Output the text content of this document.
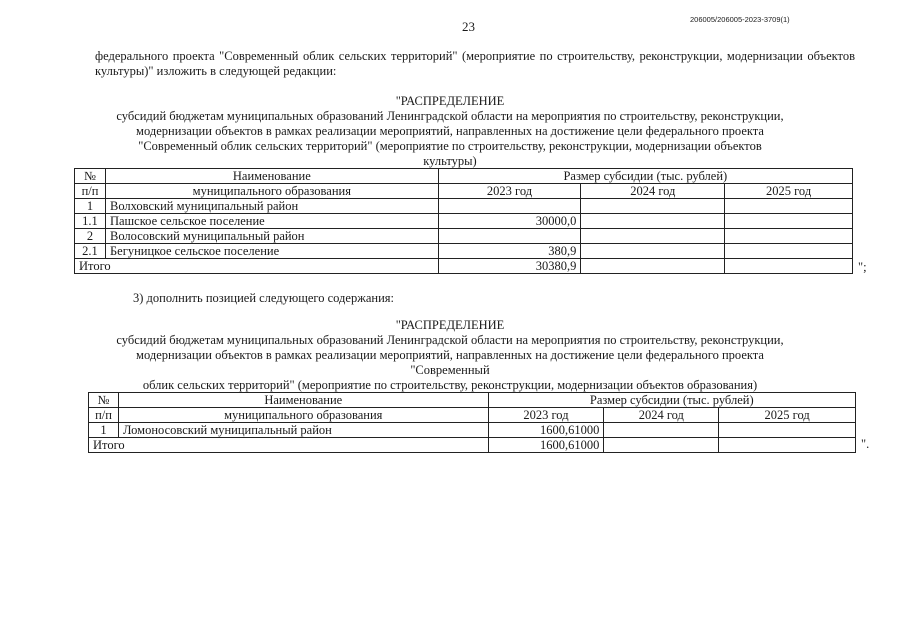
23	206005/206005-2023-3709(1)
федерального проекта "Современный облик сельских территорий" (мероприятие по строительству, реконструкции, модернизации объектов культуры)" изложить в следующей редакции:
"РАСПРЕДЕЛЕНИЕ
субсидий бюджетам муниципальных образований Ленинградской области на мероприятия по строительству, реконструкции,
модернизации объектов в рамках реализации мероприятий, направленных на достижение цели федерального проекта
"Современный облик сельских территорий" (мероприятие по строительству, реконструкции, модернизации объектов культуры)
№	Наименование	Размер субсидии (тыс. рублей)		
п/п	муниципального образования	2023 год	2024 год	2025 год
1	Волховский муниципальный район			
1.1	Пашское сельское поселение	30000,0		
2	Волосовский муниципальный район			
2.1	Бегуницкое сельское поселение	380,9		
Итого		30380,9			";
3) дополнить позицией следующего содержания:
"РАСПРЕДЕЛЕНИЕ
субсидий бюджетам муниципальных образований Ленинградской области на мероприятия по строительству, реконструкции,
модернизации объектов в рамках реализации мероприятий, направленных на достижение цели федерального проекта "Современный
облик сельских территорий" (мероприятие по строительству, реконструкции, модернизации объектов образования)
№	Наименование	Размер субсидии (тыс. рублей)		
п/п	муниципального образования	2023 год	2024 год	2025 год
1	Ломоносовский муниципальный район	1600,61000		
Итого		1600,61000			".
